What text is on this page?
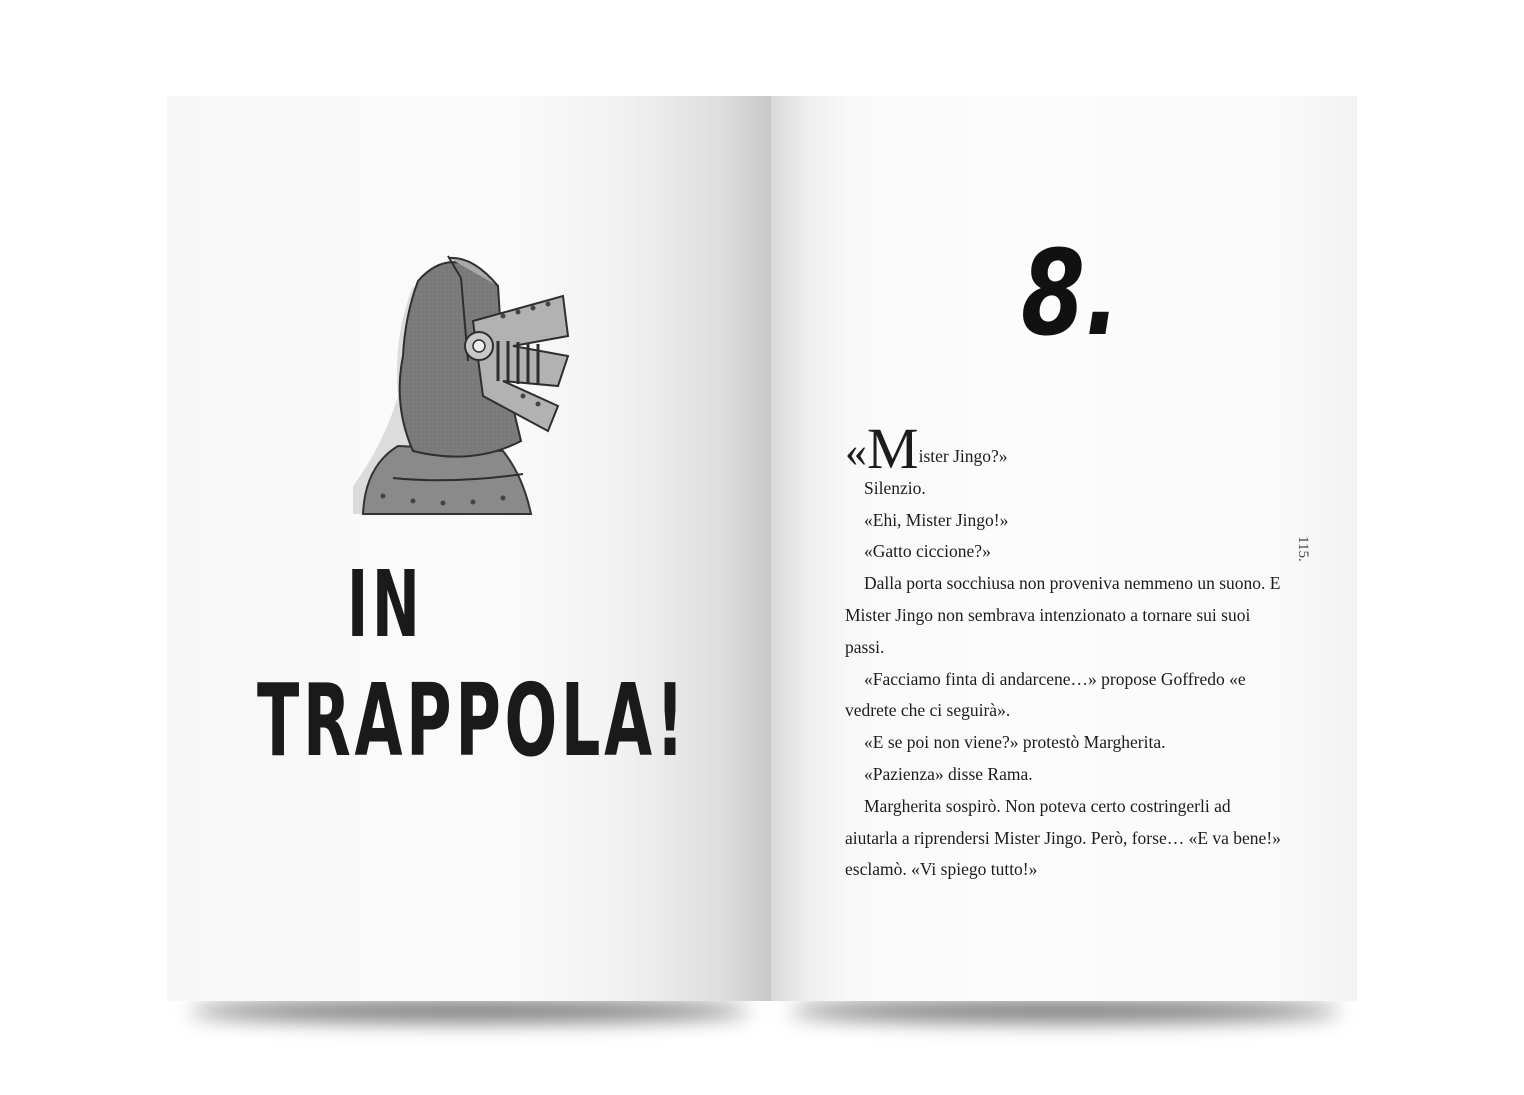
IN
TRAPPOLA!
8.

«Mister Jingo?»

Silenzio.

«Ehi, Mister Jingo!»

«Gatto ciccione?»

Dalla porta socchiusa non proveniva nemmeno un suono. E Mister Jingo non sembrava intenzionato a tornare sui suoi passi.

«Facciamo finta di andarcene…» propose Goffredo «e vedrete che ci seguirà».

«E se poi non viene?» protestò Margherita.

«Pazienza» disse Rama.

Margherita sospirò. Non poteva certo costringerli ad aiutarla a riprendersi Mister Jingo. Però, forse… «E va bene!» esclamò. «Vi spiego tutto!»

115.
